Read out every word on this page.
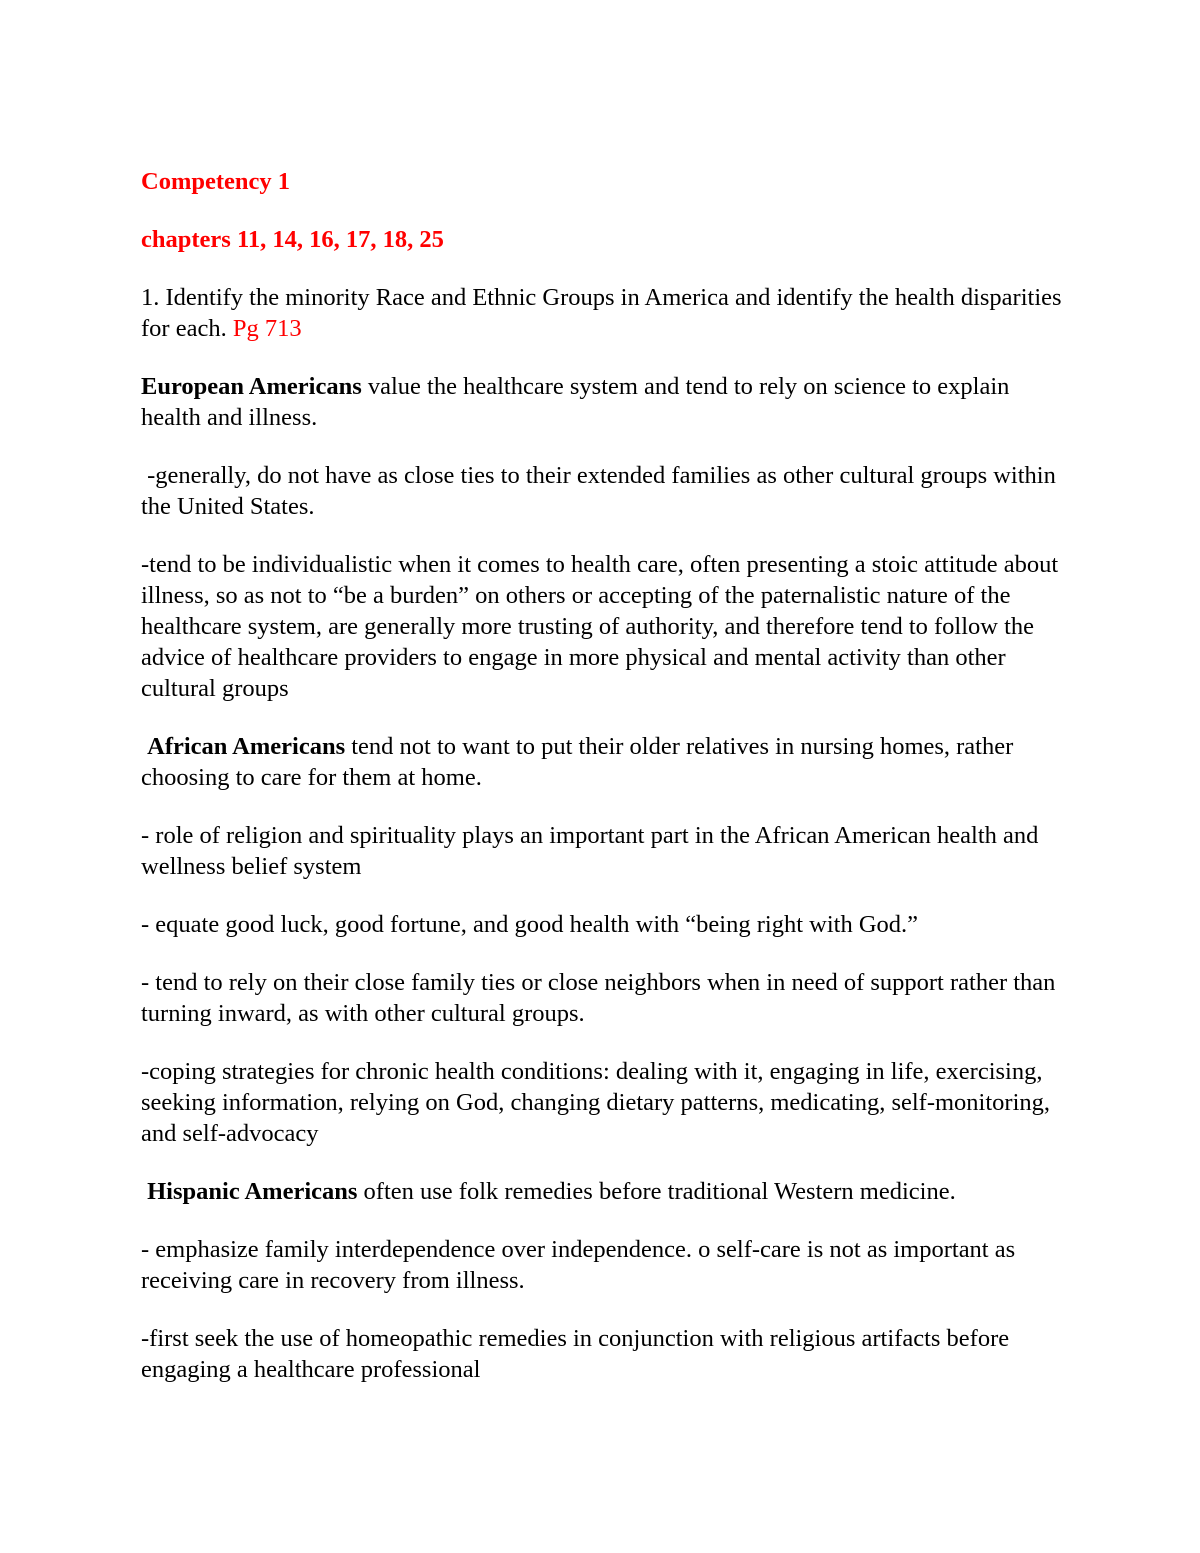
Competency 1

chapters 11, 14, 16, 17, 18, 25

1. Identify the minority Race and Ethnic Groups in America and identify the health disparities for each. Pg 713

European Americans value the healthcare system and tend to rely on science to explain health and illness.

-generally, do not have as close ties to their extended families as other cultural groups within the United States.

-tend to be individualistic when it comes to health care, often presenting a stoic attitude about illness, so as not to “be a burden” on others or accepting of the paternalistic nature of the healthcare system, are generally more trusting of authority, and therefore tend to follow the advice of healthcare providers to engage in more physical and mental activity than other cultural groups

African Americans tend not to want to put their older relatives in nursing homes, rather choosing to care for them at home.

- role of religion and spirituality plays an important part in the African American health and wellness belief system

- equate good luck, good fortune, and good health with “being right with God.”

- tend to rely on their close family ties or close neighbors when in need of support rather than turning inward, as with other cultural groups.

-coping strategies for chronic health conditions: dealing with it, engaging in life, exercising, seeking information, relying on God, changing dietary patterns, medicating, self-monitoring, and self-advocacy

Hispanic Americans often use folk remedies before traditional Western medicine.

- emphasize family interdependence over independence. o self-care is not as important as receiving care in recovery from illness.

-first seek the use of homeopathic remedies in conjunction with religious artifacts before engaging a healthcare professional
